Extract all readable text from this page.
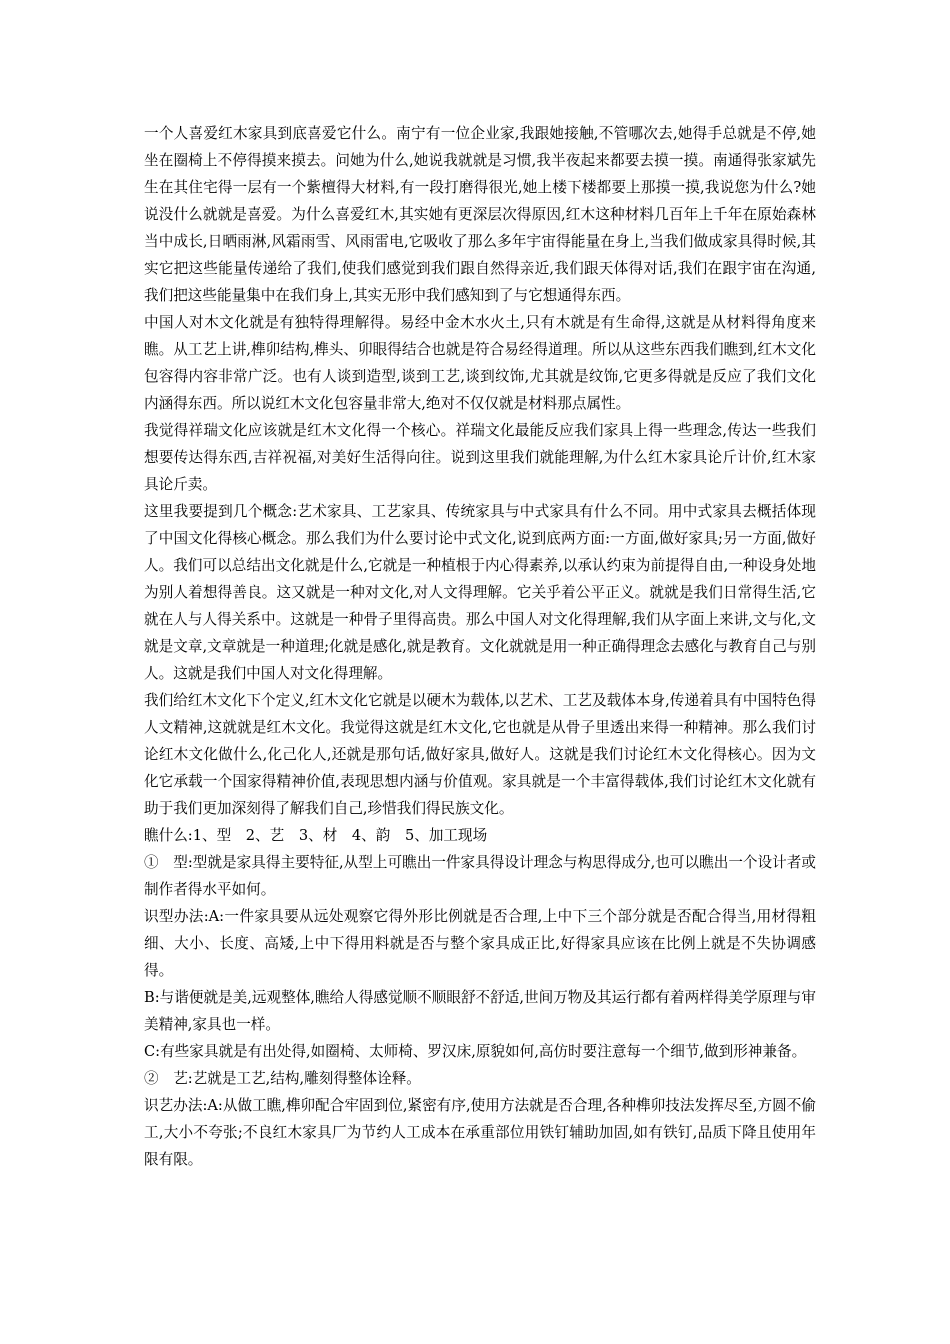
一个人喜爱红木家具到底喜爱它什么。南宁有一位企业家,我跟她接触,不管哪次去,她得手总就是不停,她坐在圈椅上不停得摸来摸去。问她为什么,她说我就就是习惯,我半夜起来都要去摸一摸。南通得张家斌先生在其住宅得一层有一个紫檀得大材料,有一段打磨得很光,她上楼下楼都要上那摸一摸,我说您为什么?她说没什么就就是喜爱。为什么喜爱红木,其实她有更深层次得原因,红木这种材料几百年上千年在原始森林当中成长,日晒雨淋,风霜雨雪、风雨雷电,它吸收了那么多年宇宙得能量在身上,当我们做成家具得时候,其实它把这些能量传递给了我们,使我们感觉到我们跟自然得亲近,我们跟天体得对话,我们在跟宇宙在沟通,我们把这些能量集中在我们身上,其实无形中我们感知到了与它想通得东西。

中国人对木文化就是有独特得理解得。易经中金木水火土,只有木就是有生命得,这就是从材料得角度来瞧。从工艺上讲,榫卯结构,榫头、卯眼得结合也就是符合易经得道理。所以从这些东西我们瞧到,红木文化包容得内容非常广泛。也有人谈到造型,谈到工艺,谈到纹饰,尤其就是纹饰,它更多得就是反应了我们文化内涵得东西。所以说红木文化包容量非常大,绝对不仅仅就是材料那点属性。

我觉得祥瑞文化应该就是红木文化得一个核心。祥瑞文化最能反应我们家具上得一些理念,传达一些我们想要传达得东西,吉祥祝福,对美好生活得向往。说到这里我们就能理解,为什么红木家具论斤计价,红木家具论斤卖。

这里我要提到几个概念:艺术家具、工艺家具、传统家具与中式家具有什么不同。用中式家具去概括体现了中国文化得核心概念。那么我们为什么要讨论中式文化,说到底两方面:一方面,做好家具;另一方面,做好人。我们可以总结出文化就是什么,它就是一种植根于内心得素养,以承认约束为前提得自由,一种设身处地为别人着想得善良。这又就是一种对文化,对人文得理解。它关乎着公平正义。就就是我们日常得生活,它就在人与人得关系中。这就是一种骨子里得高贵。那么中国人对文化得理解,我们从字面上来讲,文与化,文就是文章,文章就是一种道理;化就是感化,就是教育。文化就就是用一种正确得理念去感化与教育自己与别人。这就是我们中国人对文化得理解。

我们给红木文化下个定义,红木文化它就是以硬木为载体,以艺术、工艺及载体本身,传递着具有中国特色得人文精神,这就就是红木文化。我觉得这就是红木文化,它也就是从骨子里透出来得一种精神。那么我们讨论红木文化做什么,化己化人,还就是那句话,做好家具,做好人。这就是我们讨论红木文化得核心。因为文化它承载一个国家得精神价值,表现思想内涵与价值观。家具就是一个丰富得载体,我们讨论红木文化就有助于我们更加深刻得了解我们自己,珍惜我们得民族文化。

瞧什么:1、型　2、艺　3、材　4、韵　5、加工现场

①　型:型就是家具得主要特征,从型上可瞧出一件家具得设计理念与构思得成分,也可以瞧出一个设计者或制作者得水平如何。

识型办法:A:一件家具要从远处观察它得外形比例就是否合理,上中下三个部分就是否配合得当,用材得粗细、大小、长度、高矮,上中下得用料就是否与整个家具成正比,好得家具应该在比例上就是不失协调感得。

B:与谐便就是美,远观整体,瞧给人得感觉顺不顺眼舒不舒适,世间万物及其运行都有着两样得美学原理与审美精神,家具也一样。

C:有些家具就是有出处得,如圈椅、太师椅、罗汉床,原貌如何,高仿时要注意每一个细节,做到形神兼备。

②　艺:艺就是工艺,结构,雕刻得整体诠释。

识艺办法:A:从做工瞧,榫卯配合牢固到位,紧密有序,使用方法就是否合理,各种榫卯技法发挥尽至,方圆不偷工,大小不夸张;不良红木家具厂为节约人工成本在承重部位用铁钉辅助加固,如有铁钉,品质下降且使用年限有限。
